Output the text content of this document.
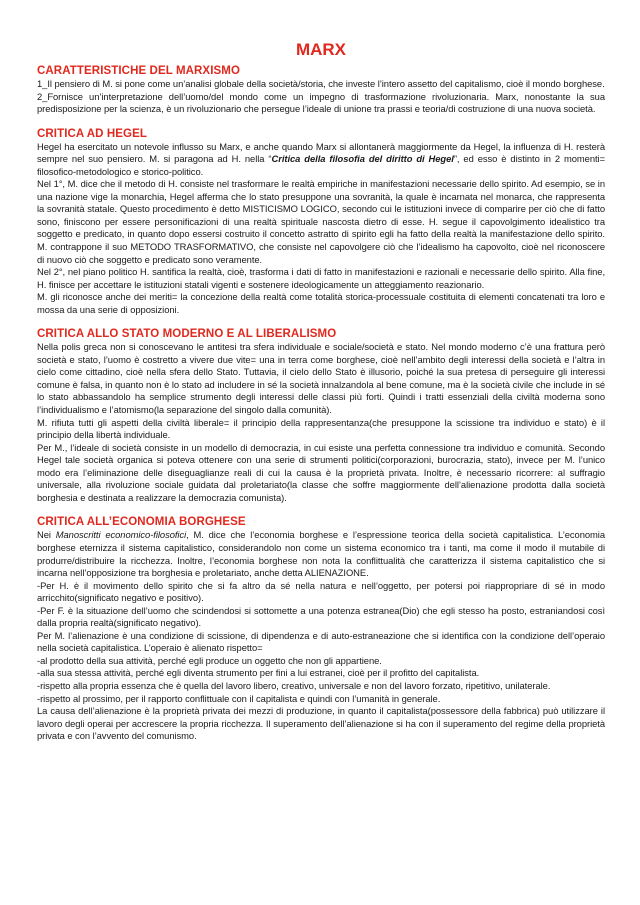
MARX
CARATTERISTICHE DEL MARXISMO

1_Il pensiero di M. si pone come un’analisi globale della società/storia, che investe l’intero assetto del capitalismo, cioè il mondo borghese.

2_Fornisce un’interpretazione dell’uomo/del mondo come un impegno di trasformazione rivoluzionaria. Marx, nonostante la sua predisposizione per la scienza, è un rivoluzionario che persegue l’ideale di unione tra prassi e teoria/di costruzione di una nuova società.

CRITICA AD HEGEL

Hegel ha esercitato un notevole influsso su Marx, e anche quando Marx si allontanerà maggiormente da Hegel, la influenza di H. resterà sempre nel suo pensiero. M. si paragona ad H. nella “Critica della filosofia del diritto di Hegel”, ed esso è distinto in 2 momenti= filosofico-metodologico e storico-politico.

Nel 1°, M. dice che il metodo di H. consiste nel trasformare le realtà empiriche in manifestazioni necessarie dello spirito. Ad esempio, se in una nazione vige la monarchia, Hegel afferma che lo stato presuppone una sovranità, la quale è incarnata nel monarca, che rappresenta la sovranità statale. Questo procedimento è detto MISTICISMO LOGICO, secondo cui le istituzioni invece di comparire per ciò che di fatto sono, finiscono per essere personificazioni di una realtà spirituale nascosta dietro di esse. H. segue il capovolgimento idealistico tra soggetto e predicato, in quanto dopo essersi costruito il concetto astratto di spirito egli ha fatto della realtà la manifestazione dello spirito. M. contrappone il suo METODO TRASFORMATIVO, che consiste nel capovolgere ciò che l’idealismo ha capovolto, cioè nel riconoscere di nuovo ciò che soggetto e predicato sono veramente.

Nel 2°, nel piano politico H. santifica la realtà, cioè, trasforma i dati di fatto in manifestazioni e razionali e necessarie dello spirito. Alla fine, H. finisce per accettare le istituzioni statali vigenti e sostenere ideologicamente un atteggiamento reazionario.

M. gli riconosce anche dei meriti= la concezione della realtà come totalità storica-processuale costituita di elementi concatenati tra loro e mossa da una serie di opposizioni.

CRITICA ALLO STATO MODERNO E AL LIBERALISMO

Nella polis greca non si conoscevano le antitesi tra sfera individuale e sociale/società e stato. Nel mondo moderno c’è una frattura però società e stato, l’uomo è costretto a vivere due vite= una in terra come borghese, cioè nell’ambito degli interessi della società e l’altra in cielo come cittadino, cioè nella sfera dello Stato. Tuttavia, il cielo dello Stato è illusorio, poiché la sua pretesa di perseguire gli interessi comune è falsa, in quanto non è lo stato ad includere in sé la società innalzandola al bene comune, ma è la società civile che include in sé lo stato abbassandolo ha semplice strumento degli interessi delle classi più forti. Quindi i tratti essenziali della civiltà moderna sono l’individualismo e l’atomismo(la separazione del singolo dalla comunità).

M. rifiuta tutti gli aspetti della civiltà liberale= il principio della rappresentanza(che presuppone la scissione tra individuo e stato) è il principio della libertà individuale.

Per M., l’ideale di società consiste in un modello di democrazia, in cui esiste una perfetta connessione tra individuo e comunità. Secondo Hegel tale società organica si poteva ottenere con una serie di strumenti politici(corporazioni, burocrazia, stato), invece per M. l’unico modo era l’eliminazione delle diseguaglianze reali di cui la causa è la proprietà privata. Inoltre, è necessario ricorrere: al suffragio universale, alla rivoluzione sociale guidata dal proletariato(la classe che soffre maggiormente dell’alienazione prodotta dalla società borghesia e destinata a realizzare la democrazia comunista).

CRITICA ALL’ECONOMIA BORGHESE

Nei Manoscritti economico-filosofici, M. dice che l’economia borghese e l’espressione teorica della società capitalistica. L’economia borghese eternizza il sistema capitalistico, considerandolo non come un sistema economico tra i tanti, ma come il modo il mutabile di produrre/distribuire la ricchezza. Inoltre, l’economia borghese non nota la conflittualità che caratterizza il sistema capitalistico che si incarna nell’opposizione tra borghesia e proletariato, anche detta ALIENAZIONE.

-Per H. è il movimento dello spirito che si fa altro da sé nella natura e nell’oggetto, per potersi poi riappropriare di sé in modo arricchito(significato negativo e positivo).

-Per F. è la situazione dell’uomo che scindendosi si sottomette a una potenza estranea(Dio) che egli stesso ha posto, estraniandosi così dalla propria realtà(significato negativo).

Per M. l’alienazione è una condizione di scissione, di dipendenza e di auto-estraneazione che si identifica con la condizione dell’operaio nella società capitalistica. L’operaio è alienato rispetto=

-al prodotto della sua attività, perché egli produce un oggetto che non gli appartiene.

-alla sua stessa attività, perché egli diventa strumento per fini a lui estranei, cioè per il profitto del capitalista.

-rispetto alla propria essenza che è quella del lavoro libero, creativo, universale e non del lavoro forzato, ripetitivo, unilaterale.

-rispetto al prossimo, per il rapporto conflittuale con il capitalista e quindi con l’umanità in generale.

La causa dell’alienazione è la proprietà privata dei mezzi di produzione, in quanto il capitalista(possessore della fabbrica) può utilizzare il lavoro degli operai per accrescere la propria ricchezza. Il superamento dell’alienazione si ha con il superamento del regime della proprietà privata e con l’avvento del comunismo.
